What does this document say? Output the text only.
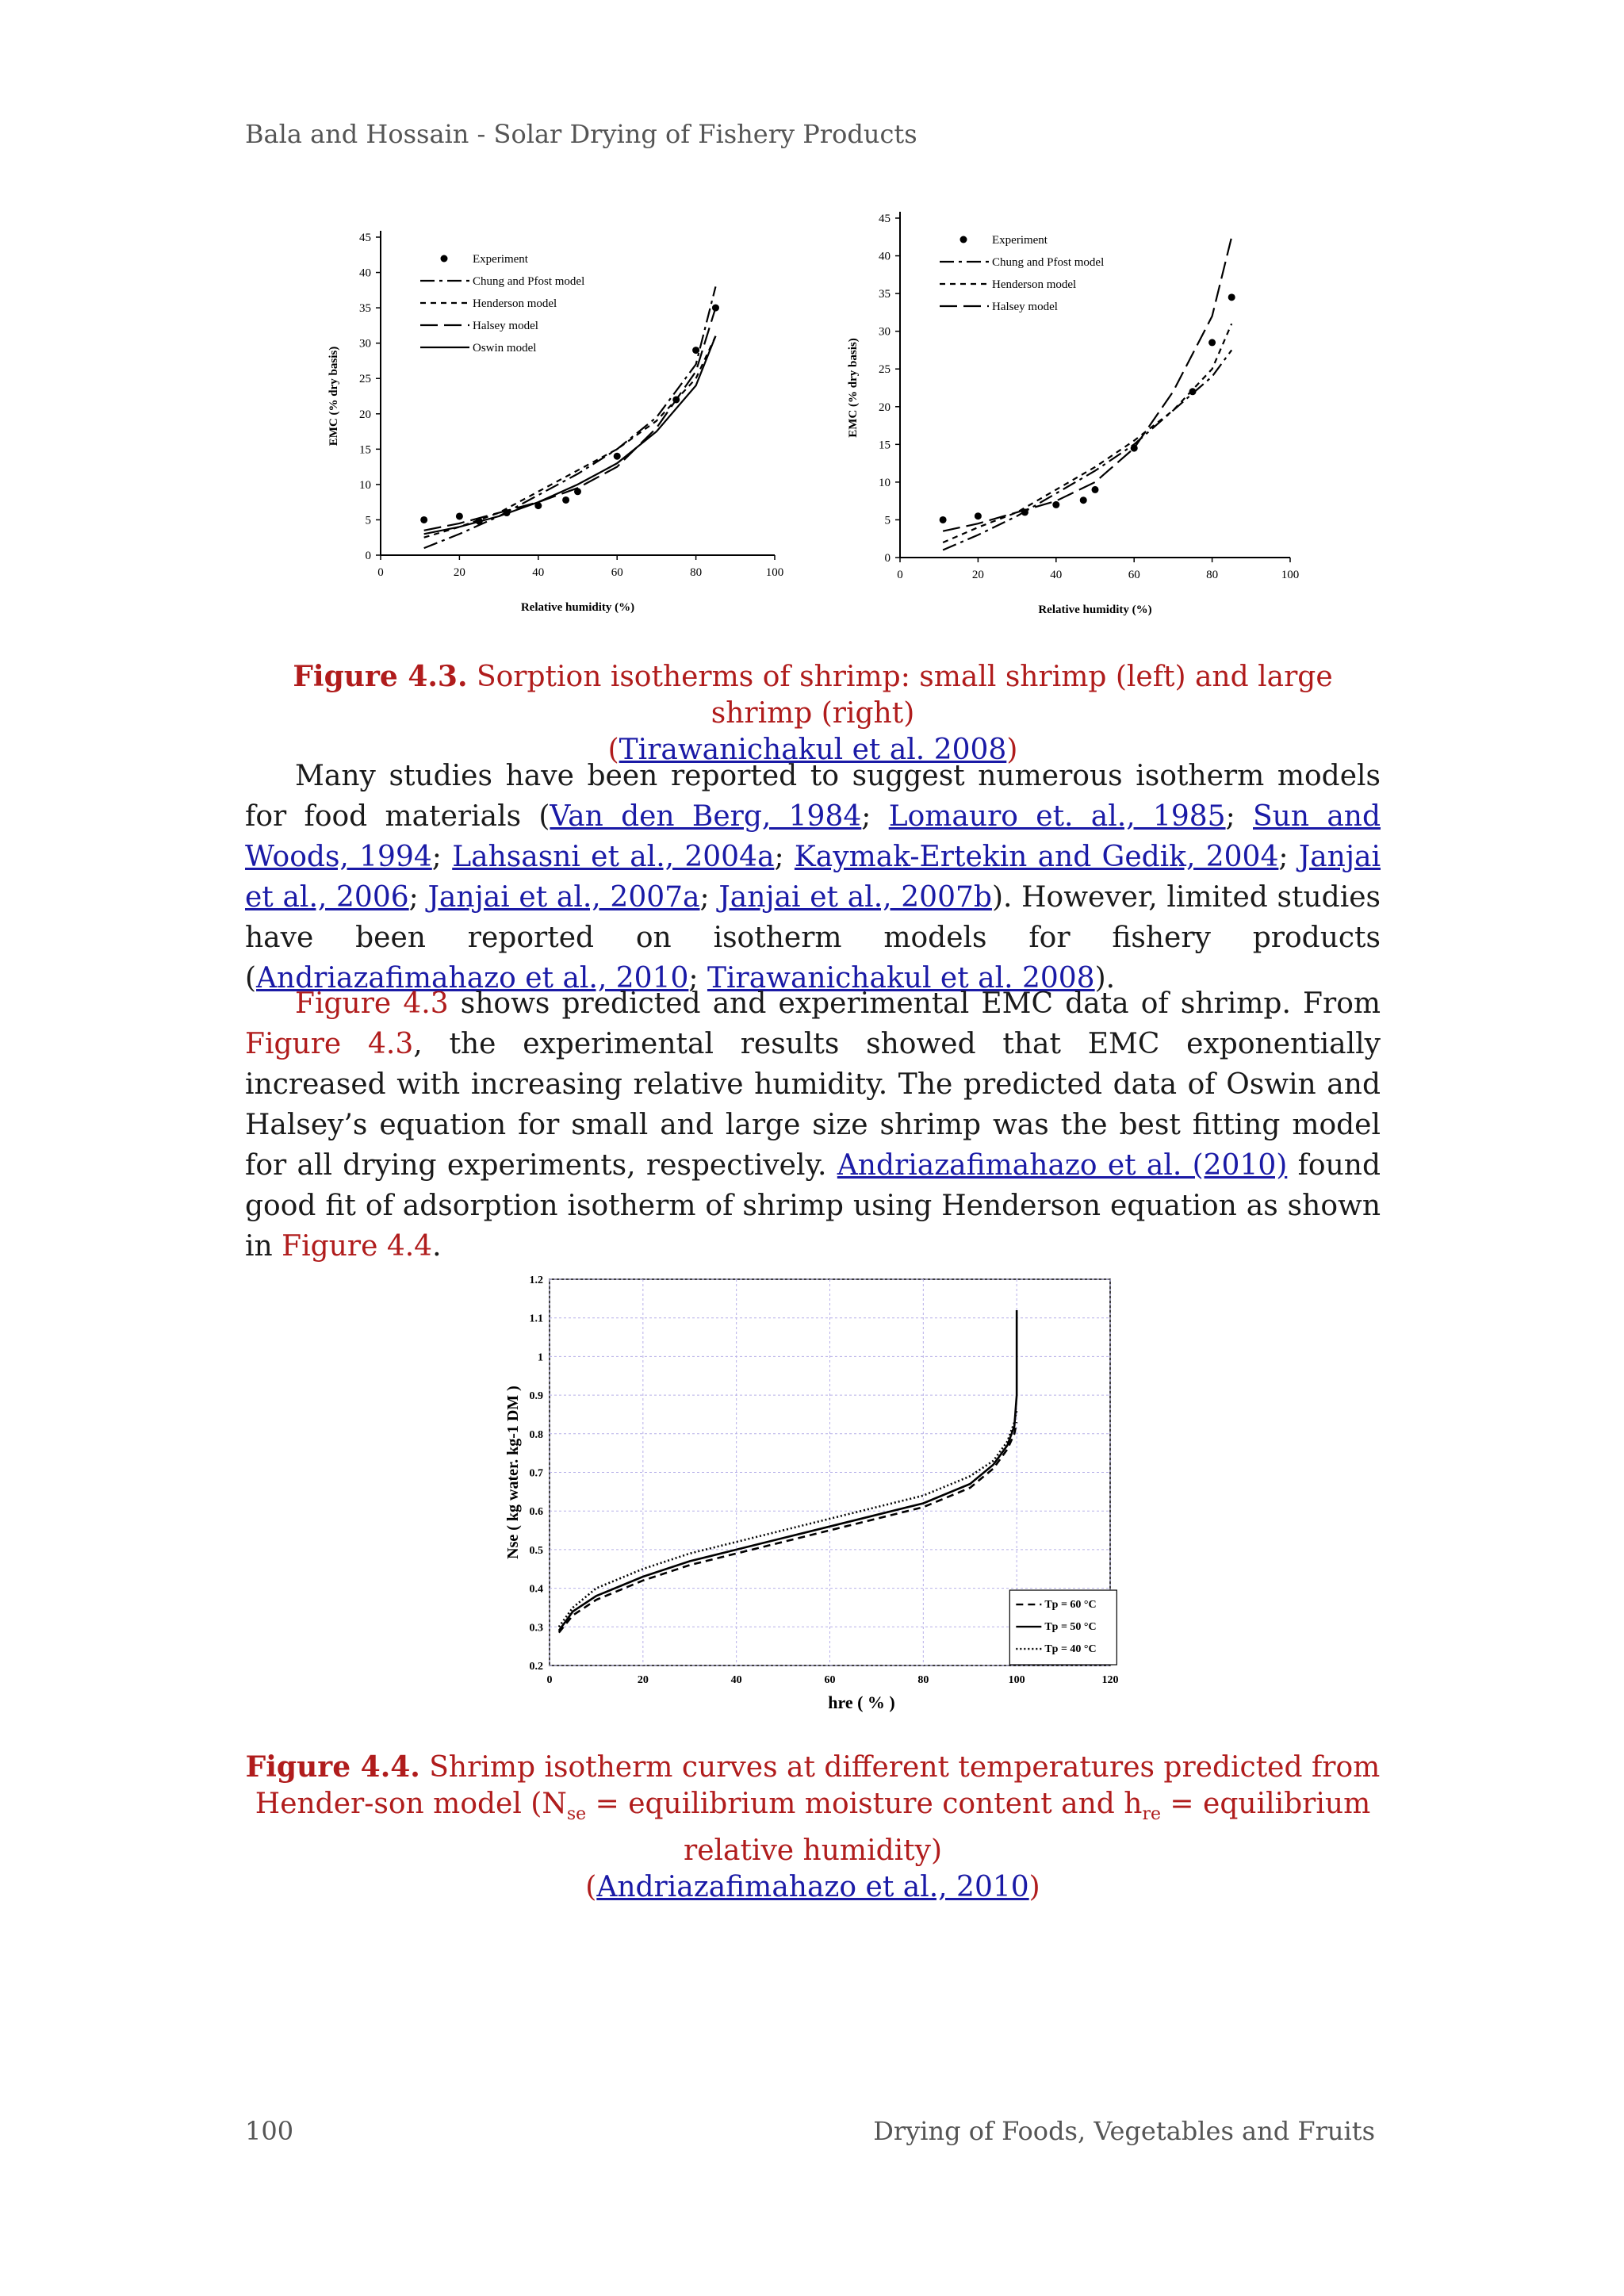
Bala and Hossain - Solar Drying of Fishery Products
0
5
10
15
20
25
30
35
40
45
0	20	40	60	80	100
Relative humidity (%)
EMC (% dry basis)
Experiment
Chung and Pfost model
Henderson model
Halsey model
Oswin model
0
5
10
15
20
25
30
35
40
45
0	20	40	60	80	100
Relative humidity (%)
EMC (% dry basis)
Experiment
Chung and Pfost model
Henderson model
Halsey model
Figure 4.3. Sorption isotherms of shrimp: small shrimp (left) and large shrimp (right)
(Tirawanichakul et al. 2008)
Many studies have been reported to suggest numerous isotherm models for food materials (Van den Berg, 1984; Lomauro et. al., 1985; Sun and Woods, 1994; Lahsasni et al., 2004a; Kaymak-Ertekin and Gedik, 2004; Janjai et al., 2006; Janjai et al., 2007a; Janjai et al., 2007b). However, limited studies have been reported on isotherm models for fishery products (Andriazafimahazo et al., 2010; Tirawanichakul et al. 2008).
Figure 4.3 shows predicted and experimental EMC data of shrimp. From Figure 4.3, the experimental results showed that EMC exponentially increased with increasing relative humidity. The predicted data of Oswin and Halsey’s equation for small and large size shrimp was the best fitting model for all drying experiments, respectively. Andriazafimahazo et al. (2010) found good fit of adsorption isotherm of shrimp using Henderson equation as shown in Figure 4.4.
0.2
0.3
0.4
0.5
0.6
0.7
0.8
0.9
1
1.1
1.2
0	20	40	60	80	100	120
hre ( % )
Nse ( kg water. kg-1 DM )
Tp = 60 °C
Tp = 50 °C
Tp = 40 °C
Figure 4.4. Shrimp isotherm curves at different temperatures predicted from Hender-son model ($N_{se}$ = equilibrium moisture content and $h_{re}$ = equilibrium relative humidity)
(Andriazafimahazo et al., 2010)
100	Drying of Foods, Vegetables and Fruits
